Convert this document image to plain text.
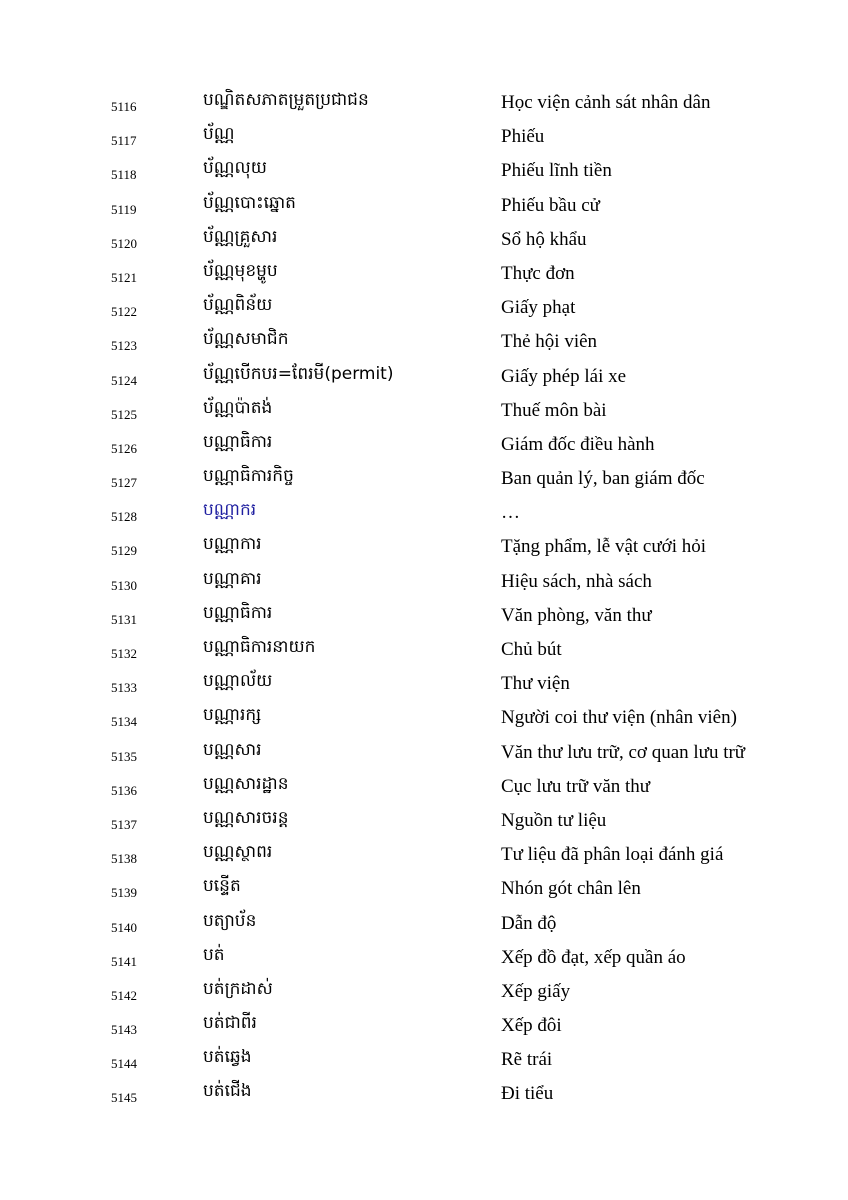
5116	បណ្ឌិតសភាតម្រួតប្រជាជន	Học viện cảnh sát nhân dân
5117	ប័ណ្ណ	Phiếu
5118	ប័ណ្ណលុយ	Phiếu lĩnh tiền
5119	ប័ណ្ណបោះឆ្នោត	Phiếu bầu cử
5120	ប័ណ្ណគ្រួសារ	Sổ hộ khẩu
5121	ប័ណ្ណមុខម្ហូប	Thực đơn
5122	ប័ណ្ណពិន័យ	Giấy phạt
5123	ប័ណ្ណសមាជិក	Thẻ hội viên
5124	ប័ណ្ណបើកបរ=ពែរមី(permit)	Giấy phép lái xe
5125	ប័ណ្ណប៉ាតង់	Thuế môn bài
5126	បណ្ណាធិការ	Giám đốc điều hành
5127	បណ្ណាធិការកិច្ច	Ban quản lý, ban giám đốc
5128	បណ្ណាករ	…
5129	បណ្ណាការ	Tặng phẩm, lễ vật cưới hỏi
5130	បណ្ណាគារ	Hiệu sách, nhà sách
5131	បណ្ណាធិការ	Văn phòng, văn thư
5132	បណ្ណាធិការនាយក	Chủ bút
5133	បណ្ណាល័យ	Thư viện
5134	បណ្ណារក្ស	Người coi thư viện (nhân viên)
5135	បណ្ណសារ	Văn thư lưu trữ, cơ quan lưu trữ
5136	បណ្ណសារដ្ឋាន	Cục lưu trữ văn thư
5137	បណ្ណសារចរន្ត	Nguồn tư liệu
5138	បណ្ណស្ថាពរ	Tư liệu đã phân loại đánh giá
5139	បន្ទើត	Nhón gót chân lên
5140	បត្យាប័ន	Dẫn độ
5141	បត់	Xếp đồ đạt, xếp quần áo
5142	បត់ក្រដាស់	Xếp giấy
5143	បត់ជាពីរ	Xếp đôi
5144	បត់ឆ្វេង	Rẽ trái
5145	បត់ជើង	Đi tiểu
